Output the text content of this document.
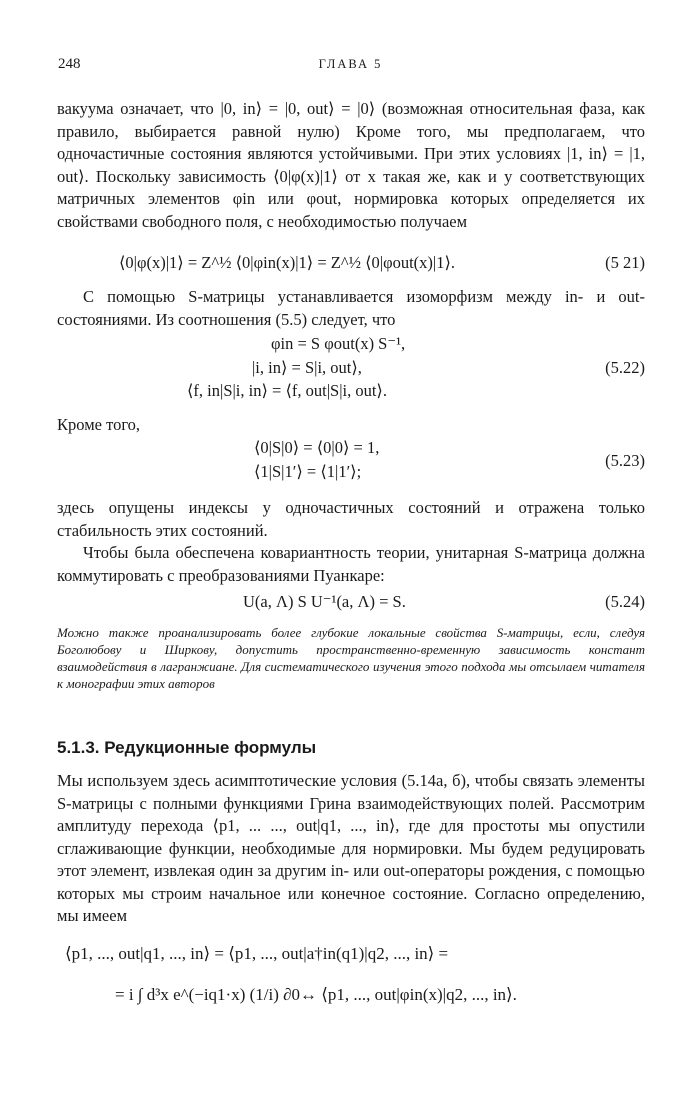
248	ГЛАВА 5
вакуума означает, что |0, in⟩ = |0, out⟩ = |0⟩ (возможная относительная фаза, как правило, выбирается равной нулю) Кроме того, мы предполагаем, что одночастичные состояния являются устойчивыми. При этих условиях |1, in⟩ = |1, out⟩. Поскольку зависимость ⟨0|φ(x)|1⟩ от x такая же, как и у соответствующих матричных элементов φin или φout, нормировка которых определяется их свойствами свободного поля, с необходимостью получаем
⟨0|φ(x)|1⟩ = Z^½ ⟨0|φin(x)|1⟩ = Z^½ ⟨0|φout(x)|1⟩.	(5 21)
С помощью S-матрицы устанавливается изоморфизм между in- и out-состояниями. Из соотношения (5.5) следует, что
φin = S φout(x) S⁻¹,
|i, in⟩ = S|i, out⟩,
⟨f, in|S|i, in⟩ = ⟨f, out|S|i, out⟩.
(5.22)
Кроме того,
⟨0|S|0⟩ = ⟨0|0⟩ = 1,
⟨1|S|1′⟩ = ⟨1|1′⟩;
(5.23)
здесь опущены индексы у одночастичных состояний и отражена только стабильность этих состояний.
Чтобы была обеспечена ковариантность теории, унитарная S-матрица должна коммутировать с преобразованиями Пуанкаре:
U(a, Λ) S U⁻¹(a, Λ) = S.	(5.24)
Можно также проанализировать более глубокие локальные свойства S-матрицы, если, следуя Боголюбову и Ширкову, допустить пространственно-временную зависимость констант взаимодействия в лагранжиане. Для систематического изучения этого подхода мы отсылаем читателя к монографии этих авторов
5.1.3. Редукционные формулы
Мы используем здесь асимптотические условия (5.14а, б), чтобы связать элементы S-матрицы с полными функциями Грина взаимодействующих полей. Рассмотрим амплитуду перехода ⟨p1, ... ..., out|q1, ..., in⟩, где для простоты мы опустили сглаживающие функции, необходимые для нормировки. Мы будем редуцировать этот элемент, извлекая один за другим in- или out-операторы рождения, с помощью которых мы строим начальное или конечное состояние. Согласно определению, мы имеем
⟨p1, ..., out|q1, ..., in⟩ = ⟨p1, ..., out|a†in(q1)|q2, ..., in⟩ =
= i ∫ d³x e^(−iq1·x) (1/i) ∂0↔ ⟨p1, ..., out|φin(x)|q2, ..., in⟩.
